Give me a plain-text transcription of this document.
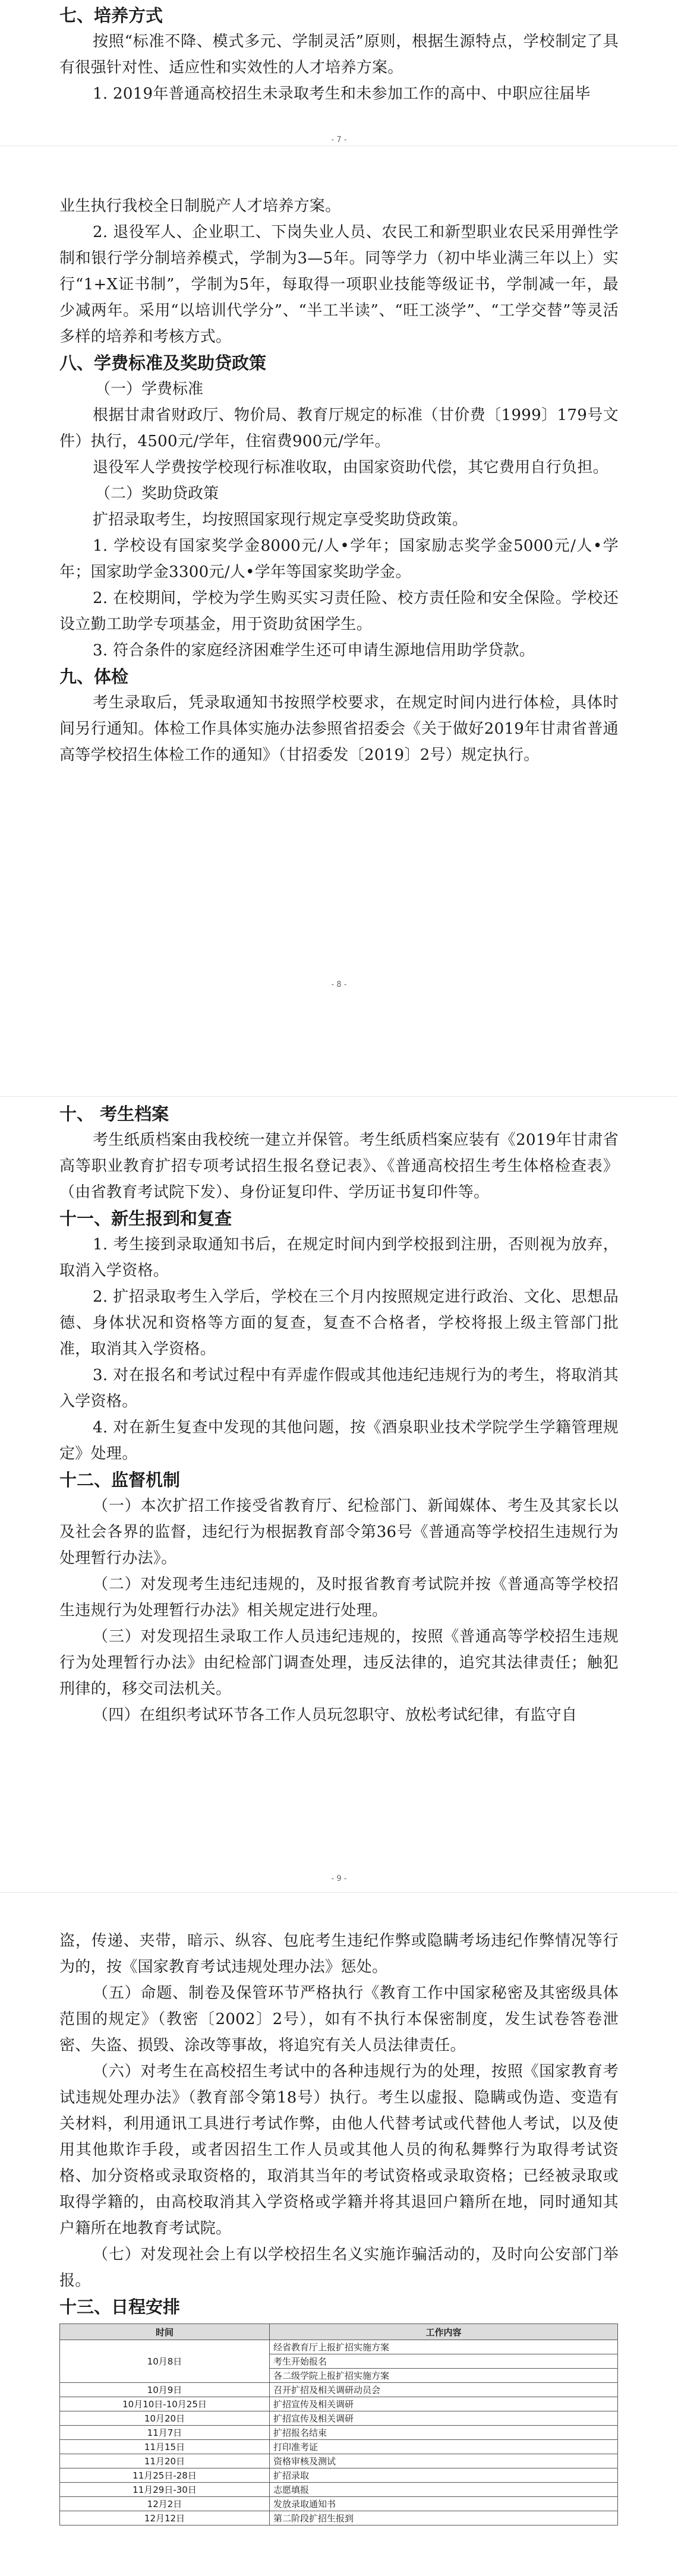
七、培养方式

按照“标准不降、模式多元、学制灵活”原则，根据生源特点，学校制定了具有很强针对性、适应性和实效性的人才培养方案。

1. 2019年普通高校招生未录取考生和未参加工作的高中、中职应往届毕

- 7 -

业生执行我校全日制脱产人才培养方案。

2. 退役军人、企业职工、下岗失业人员、农民工和新型职业农民采用弹性学制和银行学分制培养模式，学制为3—5年。同等学力（初中毕业满三年以上）实行“1+X证书制”，学制为5年，每取得一项职业技能等级证书，学制减一年，最少减两年。采用“以培训代学分”、“半工半读”、“旺工淡学”、“工学交替”等灵活多样的培养和考核方式。

八、学费标准及奖助贷政策
（一）学费标准

根据甘肃省财政厅、物价局、教育厅规定的标准（甘价费〔1999〕179号文件）执行，4500元/学年，住宿费900元/学年。

退役军人学费按学校现行标准收取，由国家资助代偿，其它费用自行负担。

（二）奖助贷政策

扩招录取考生，均按照国家现行规定享受奖助贷政策。

1. 学校设有国家奖学金8000元/人•学年；国家励志奖学金5000元/人•学年；国家助学金3300元/人•学年等国家奖助学金。

2. 在校期间，学校为学生购买实习责任险、校方责任险和安全保险。学校还设立勤工助学专项基金，用于资助贫困学生。

3. 符合条件的家庭经济困难学生还可申请生源地信用助学贷款。

九、体检

考生录取后，凭录取通知书按照学校要求，在规定时间内进行体检，具体时间另行通知。体检工作具体实施办法参照省招委会《关于做好2019年甘肃省普通高等学校招生体检工作的通知》（甘招委发〔2019〕2号）规定执行。

- 8 -
十、 考生档案

考生纸质档案由我校统一建立并保管。考生纸质档案应装有《2019年甘肃省高等职业教育扩招专项考试招生报名登记表》、《普通高校招生考生体格检查表》（由省教育考试院下发）、身份证复印件、学历证书复印件等。

十一、新生报到和复查

1. 考生接到录取通知书后，在规定时间内到学校报到注册，否则视为放弃，取消入学资格。

2. 扩招录取考生入学后，学校在三个月内按照规定进行政治、文化、思想品德、身体状况和资格等方面的复查，复查不合格者，学校将报上级主管部门批准，取消其入学资格。

3. 对在报名和考试过程中有弄虚作假或其他违纪违规行为的考生，将取消其入学资格。

4. 对在新生复查中发现的其他问题，按《酒泉职业技术学院学生学籍管理规定》处理。

十二、监督机制

（一）本次扩招工作接受省教育厅、纪检部门、新闻媒体、考生及其家长以及社会各界的监督，违纪行为根据教育部令第36号《普通高等学校招生违规行为处理暂行办法》。

（二）对发现考生违纪违规的，及时报省教育考试院并按《普通高等学校招生违规行为处理暂行办法》相关规定进行处理。

（三）对发现招生录取工作人员违纪违规的，按照《普通高等学校招生违规行为处理暂行办法》由纪检部门调查处理，违反法律的，追究其法律责任；触犯刑律的，移交司法机关。

（四）在组织考试环节各工作人员玩忽职守、放松考试纪律，有监守自

- 9 -

盗，传递、夹带，暗示、纵容、包庇考生违纪作弊或隐瞒考场违纪作弊情况等行为的，按《国家教育考试违规处理办法》惩处。

（五）命题、制卷及保管环节严格执行《教育工作中国家秘密及其密级具体范围的规定》（教密〔2002〕2号），如有不执行本保密制度，发生试卷答卷泄密、失盗、损毁、涂改等事故，将追究有关人员法律责任。

（六）对考生在高校招生考试中的各种违规行为的处理，按照《国家教育考试违规处理办法》（教育部令第18号）执行。考生以虚报、隐瞒或伪造、变造有关材料，利用通讯工具进行考试作弊，由他人代替考试或代替他人考试，以及使用其他欺诈手段，或者因招生工作人员或其他人员的徇私舞弊行为取得考试资格、加分资格或录取资格的，取消其当年的考试资格或录取资格；已经被录取或取得学籍的，由高校取消其入学资格或学籍并将其退回户籍所在地，同时通知其户籍所在地教育考试院。

（七）对发现社会上有以学校招生名义实施诈骗活动的，及时向公安部门举报。

十三、日程安排
时间	工作内容
10月8日	经省教育厅上报扩招实施方案
	考生开始报名
	各二级学院上报扩招实施方案
10月9日	召开扩招及相关调研动员会
10月10日-10月25日	扩招宣传及相关调研
10月20日	扩招宣传及相关调研
11月7日	扩招报名结束
11月15日	打印准考证
11月20日	资格审核及测试
11月25日-28日	扩招录取
11月29日-30日	志愿填报
12月2日	发放录取通知书
12月12日	第二阶段扩招生报到
